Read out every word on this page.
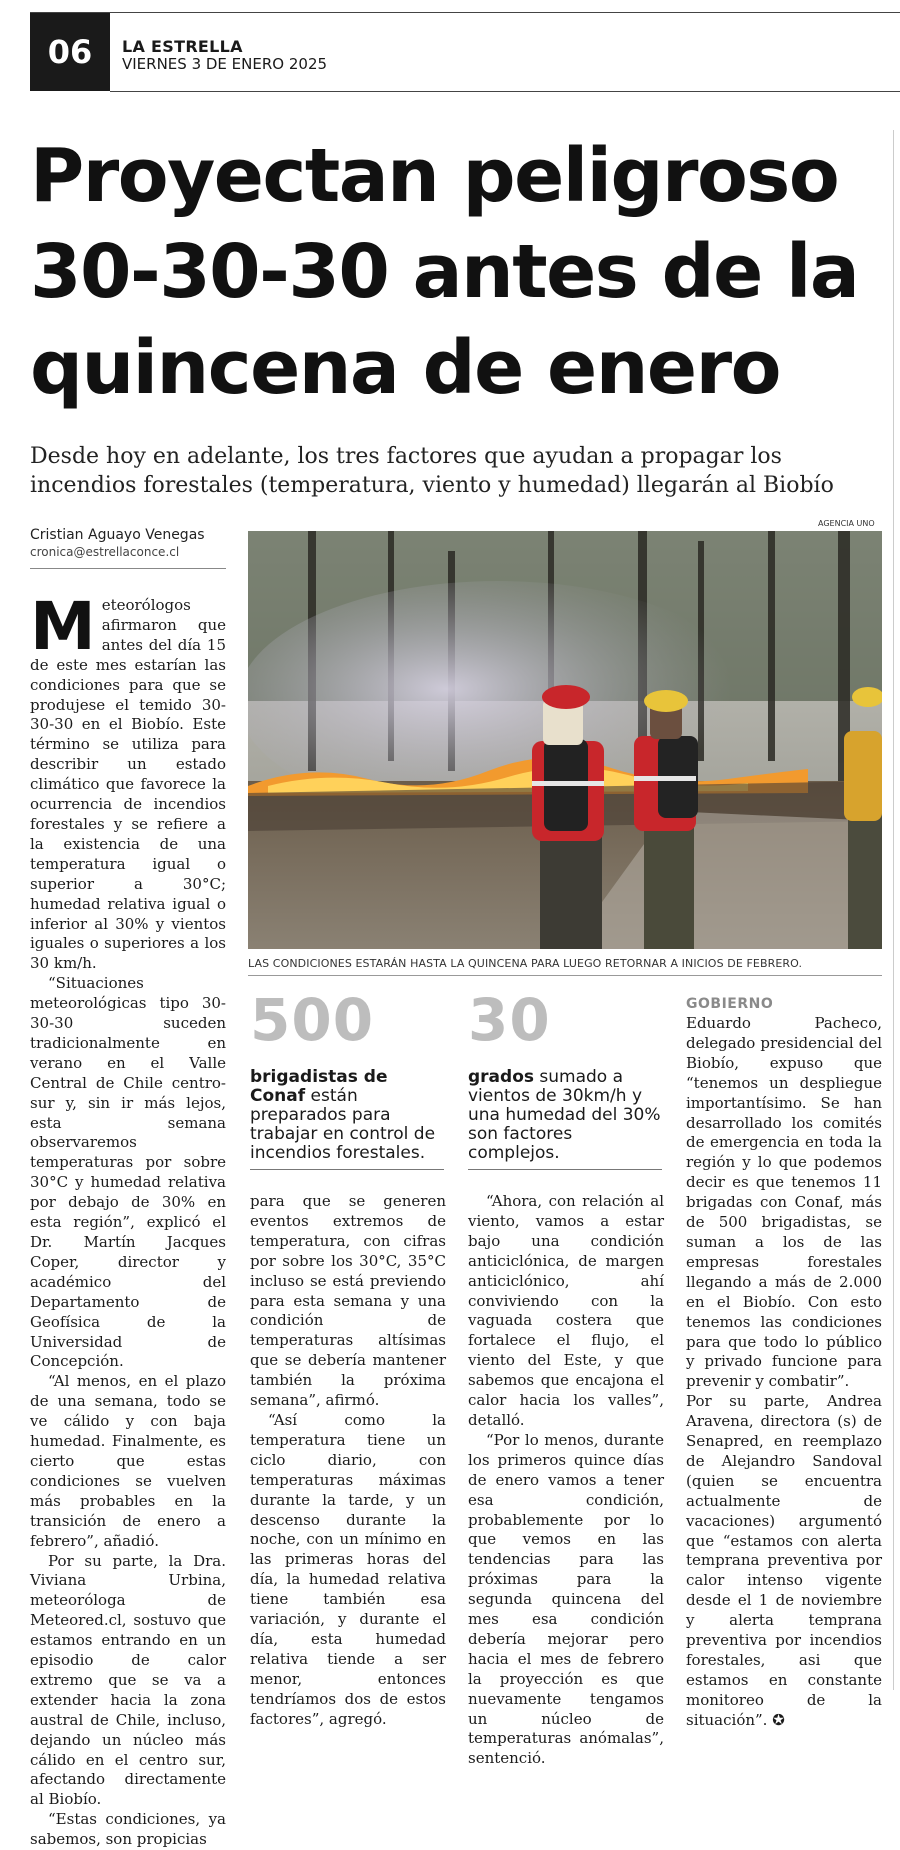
06	LA ESTRELLA
VIERNES 3 DE ENERO 2025
Proyectan peligroso
30-30-30 antes de la
quincena de enero
Desde hoy en adelante, los tres factores que ayudan a propagar los
incendios forestales (temperatura, viento y humedad) llegarán al Biobío
Cristian Aguayo Venegas
cronica@estrellaconce.cl
AGENCIA UNO
LAS CONDICIONES ESTARÁN HASTA LA QUINCENA PARA LUEGO RETORNAR A INICIOS DE FEBRERO.

Meteorólogos afirmaron que antes del día 15 de este mes estarían las condiciones para que se produjese el temido 30-30-30 en el Biobío. Este término se utiliza para describir un estado climático que favorece la ocurrencia de incendios forestales y se refiere a la existencia de una temperatura igual o superior a 30°C; humedad relativa igual o inferior al 30% y vientos iguales o superiores a los 30 km/h.

“Situaciones meteorológicas tipo 30-30-30 suceden tradicionalmente en verano en el Valle Central de Chile centro-sur y, sin ir más lejos, esta semana observaremos temperaturas por sobre 30°C y humedad relativa por debajo de 30% en esta región”, explicó el Dr. Martín Jacques Coper, director y académico del Departamento de Geofísica de la Universidad de Concepción.

“Al menos, en el plazo de una semana, todo se ve cálido y con baja humedad. Finalmente, es cierto que estas condiciones se vuelven más probables en la transición de enero a febrero”, añadió.

Por su parte, la Dra. Viviana Urbina, meteoróloga de Meteored.cl, sostuvo que estamos entrando en un episodio de calor extremo que se va a extender hacia la zona austral de Chile, incluso, dejando un núcleo más cálido en el centro sur, afectando directamente al Biobío.

“Estas condiciones, ya sabemos, son propicias

500
brigadistas de Conaf están preparados para trabajar en control de incendios forestales.
30
grados sumado a vientos de 30km/h y una humedad del 30% son factores complejos.

para que se generen eventos extremos de temperatura, con cifras por sobre los 30°C, 35°C incluso se está previendo para esta semana y una condición de temperaturas altísimas que se debería mantener también la próxima semana”, afirmó.

“Así como la temperatura tiene un ciclo diario, con temperaturas máximas durante la tarde, y un descenso durante la noche, con un mínimo en las primeras horas del día, la humedad relativa tiene también esa variación, y durante el día, esta humedad relativa tiende a ser menor, entonces tendríamos dos de estos factores”, agregó.

“Ahora, con relación al viento, vamos a estar bajo una condición anticiclónica, de margen anticiclónico, ahí conviviendo con la vaguada costera que fortalece el flujo, el viento del Este, y que sabemos que encajona el calor hacia los valles”, detalló.

“Por lo menos, durante los primeros quince días de enero vamos a tener esa condición, probablemente por lo que vemos en las tendencias para las próximas para la segunda quincena del mes esa condición debería mejorar pero hacia el mes de febrero la proyección es que nuevamente tengamos un núcleo de temperaturas anómalas”, sentenció.

GOBIERNO

Eduardo Pacheco, delegado presidencial del Biobío, expuso que “tenemos un despliegue importantísimo. Se han desarrollado los comités de emergencia en toda la región y lo que podemos decir es que tenemos 11 brigadas con Conaf, más de 500 brigadistas, se suman a los de las empresas forestales llegando a más de 2.000 en el Biobío. Con esto tenemos las condiciones para que todo lo público y privado funcione para prevenir y combatir”.

Por su parte, Andrea Aravena, directora (s) de Senapred, en reemplazo de Alejandro Sandoval (quien se encuentra actualmente de vacaciones) argumentó que “estamos con alerta temprana preventiva por calor intenso vigente desde el 1 de noviembre y alerta temprana preventiva por incendios forestales, asi que estamos en constante monitoreo de la situación”. ✪
